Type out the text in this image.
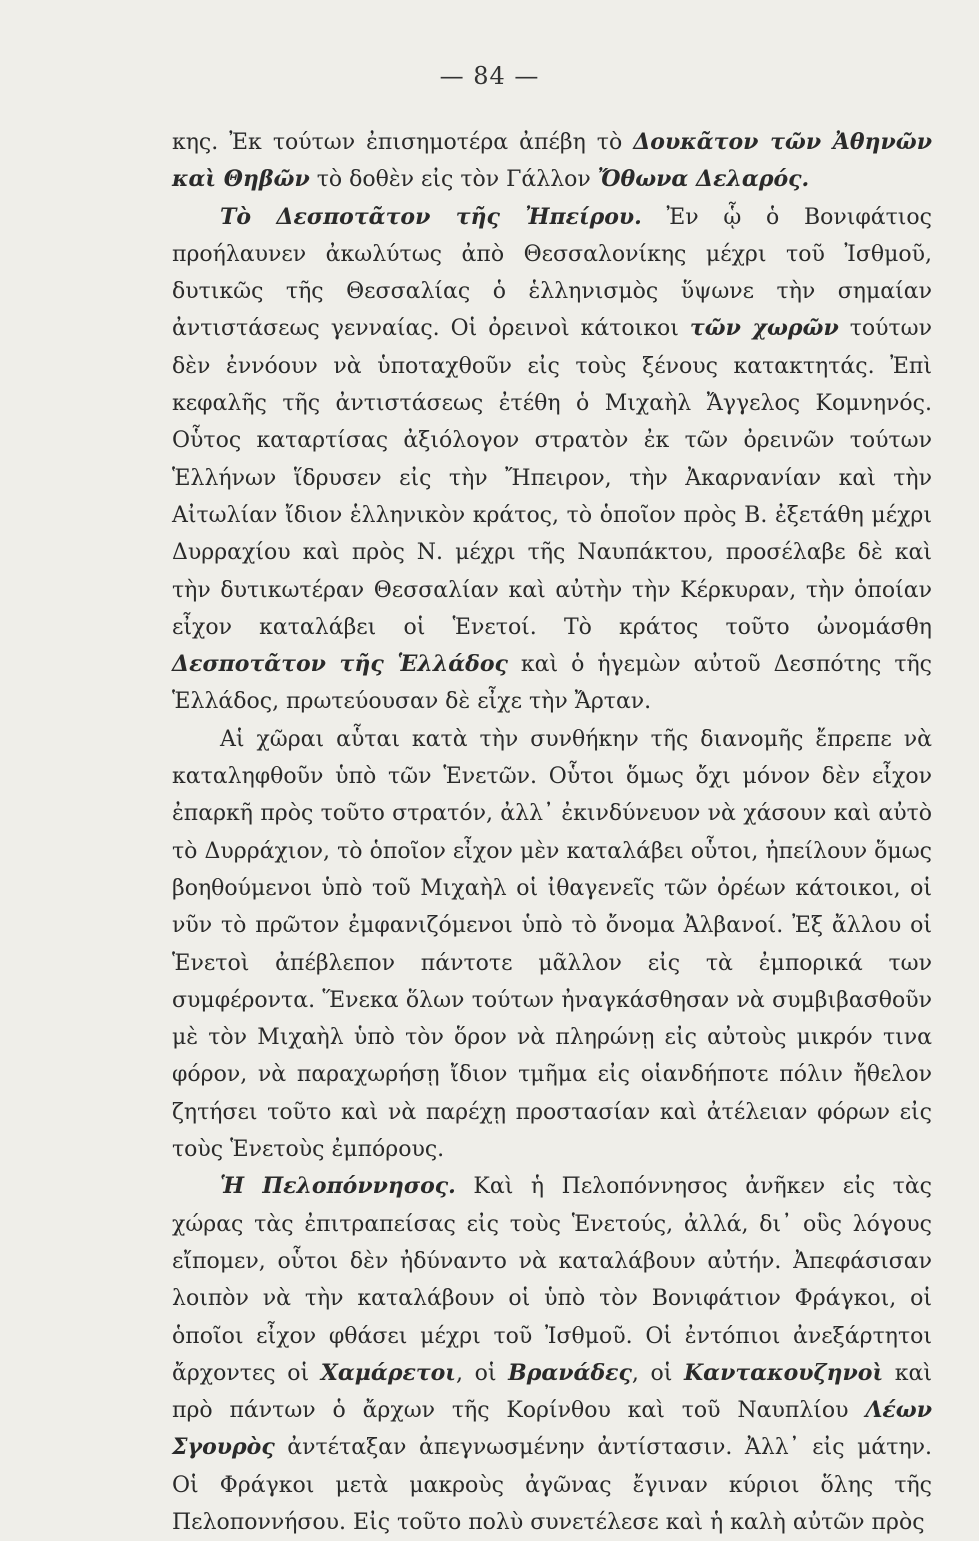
— 84 —

κης. Ἐκ τούτων ἐπισημοτέρα ἀπέβη τὸ Δουκᾶτον τῶν Ἀθηνῶν καὶ Θηβῶν τὸ δοθὲν εἰς τὸν Γάλλον Ὄθωνα Δελαρός.

Τὸ Δεσποτᾶτον τῆς Ἠπείρου. Ἐν ᾧ ὁ Βονιφάτιος προήλαυνεν ἀκωλύτως ἀπὸ Θεσσαλονίκης μέχρι τοῦ Ἰσθμοῦ, δυτικῶς τῆς Θεσσαλίας ὁ ἑλληνισμὸς ὕψωνε τὴν σημαίαν ἀντιστάσεως γενναίας. Οἱ ὀρεινοὶ κάτοικοι τῶν χωρῶν τούτων δὲν ἐννόουν νὰ ὑποταχθοῦν εἰς τοὺς ξένους κατακτητάς. Ἐπὶ κεφαλῆς τῆς ἀντιστάσεως ἐτέθη ὁ Μιχαὴλ Ἄγγελος Κομνηνός. Οὗτος καταρτίσας ἀξιόλογον στρατὸν ἐκ τῶν ὀρεινῶν τούτων Ἑλλήνων ἵδρυσεν εἰς τὴν Ἤπειρον, τὴν Ἀκαρνανίαν καὶ τὴν Αἰτωλίαν ἴδιον ἑλληνικὸν κράτος, τὸ ὁποῖον πρὸς Β. ἐξετάθη μέχρι Δυρραχίου καὶ πρὸς Ν. μέχρι τῆς Ναυπάκτου, προσέλαβε δὲ καὶ τὴν δυτικωτέραν Θεσσαλίαν καὶ αὐτὴν τὴν Κέρκυραν, τὴν ὁποίαν εἶχον καταλάβει οἱ Ἑνετοί. Τὸ κράτος τοῦτο ὠνομάσθη Δεσποτᾶτον τῆς Ἑλλάδος καὶ ὁ ἡγεμὼν αὐτοῦ Δεσπότης τῆς Ἑλλάδος, πρωτεύουσαν δὲ εἶχε τὴν Ἄρταν.

Αἱ χῶραι αὗται κατὰ τὴν συνθήκην τῆς διανομῆς ἔπρεπε νὰ καταληφθοῦν ὑπὸ τῶν Ἑνετῶν. Οὗτοι ὅμως ὄχι μόνον δὲν εἶχον ἐπαρκῆ πρὸς τοῦτο στρατόν, ἀλλ᾽ ἐκινδύνευον νὰ χάσουν καὶ αὐτὸ τὸ Δυρράχιον, τὸ ὁποῖον εἶχον μὲν καταλάβει οὗτοι, ἠπείλουν ὅμως βοηθούμενοι ὑπὸ τοῦ Μιχαὴλ οἱ ἰθαγενεῖς τῶν ὀρέων κάτοικοι, οἱ νῦν τὸ πρῶτον ἐμφανιζόμενοι ὑπὸ τὸ ὄνομα Ἀλβανοί. Ἐξ ἄλλου οἱ Ἑνετοὶ ἀπέβλεπον πάντοτε μᾶλλον εἰς τὰ ἐμπορικά των συμφέροντα. Ἕνεκα ὅλων τούτων ἠναγκάσθησαν νὰ συμβιβασθοῦν μὲ τὸν Μιχαὴλ ὑπὸ τὸν ὅρον νὰ πληρώνῃ εἰς αὐτοὺς μικρόν τινα φόρον, νὰ παραχωρήσῃ ἴδιον τμῆμα εἰς οἱανδήποτε πόλιν ἤθελον ζητήσει τοῦτο καὶ νὰ παρέχῃ προστασίαν καὶ ἀτέλειαν φόρων εἰς τοὺς Ἑνετοὺς ἐμπόρους.

Ἡ Πελοπόννησος. Καὶ ἡ Πελοπόννησος ἀνῆκεν εἰς τὰς χώρας τὰς ἐπιτραπείσας εἰς τοὺς Ἑνετούς, ἀλλά, δι᾽ οὓς λόγους εἴπομεν, οὗτοι δὲν ἠδύναντο νὰ καταλάβουν αὐτήν. Ἀπεφάσισαν λοιπὸν νὰ τὴν καταλάβουν οἱ ὑπὸ τὸν Βονιφάτιον Φράγκοι, οἱ ὁποῖοι εἶχον φθάσει μέχρι τοῦ Ἰσθμοῦ. Οἱ ἐντόπιοι ἀνεξάρτητοι ἄρχοντες οἱ Χαμάρετοι, οἱ Βρανάδες, οἱ Καντακουζηνοὶ καὶ πρὸ πάντων ὁ ἄρχων τῆς Κορίνθου καὶ τοῦ Ναυπλίου Λέων Σγουρὸς ἀντέταξαν ἀπεγνωσμένην ἀντίστασιν. Ἀλλ᾽ εἰς μάτην. Οἱ Φράγκοι μετὰ μακροὺς ἀγῶνας ἔγιναν κύριοι ὅλης τῆς Πελοποννήσου. Εἰς τοῦτο πολὺ συνετέλεσε καὶ ἡ καλὴ αὐτῶν πρὸς
